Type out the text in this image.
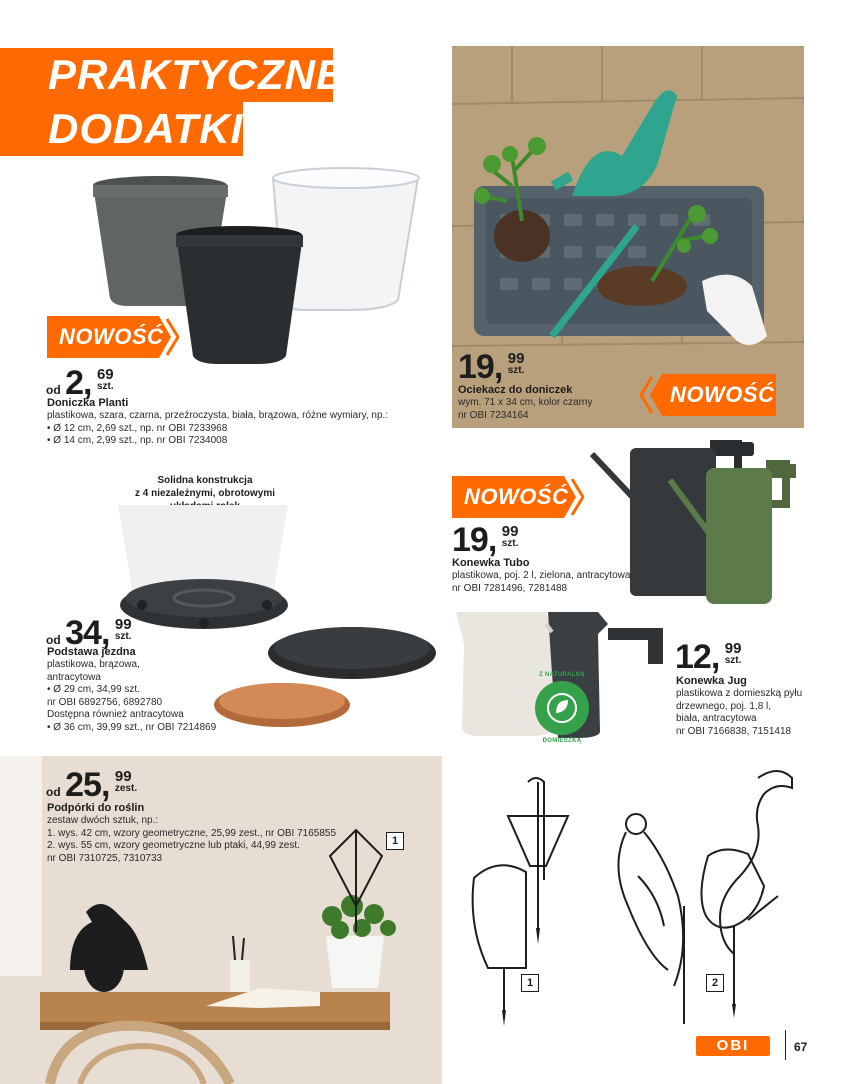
PRAKTYCZNE
DODATKI
NOWOŚĆ
od 2, 69
szt.
Doniczka Planti
plastikowa, szara, czarna, przeźroczysta, biała, brązowa, różne wymiary, np.:
• Ø 12 cm, 2,69 szt., np. nr OBI 7233968
• Ø 14 cm, 2,99 szt., np. nr OBI 7234008
19, 99
szt.
Ociekacz do doniczek
wym. 71 x 34 cm, kolor czarny
nr OBI 7234164
NOWOŚĆ
Solidna konstrukcja
z 4 niezależnymi, obrotowymi
od 34, 99
szt.
Podstawa jezdna
plastikowa, brązowa,
antracytowa
• Ø 29 cm, 34,99 szt.
nr OBI 6892756, 6892780
Dostępna również antracytowa
• Ø 36 cm, 39,99 szt., nr OBI 7214869
NOWOŚĆ
19, 99
szt.
Konewka Tubo
plastikowa, poj. 2 l, zielona, antracytowa
nr OBI 7281496, 7281488
Z NATURALNĄ
DOMIESZKĄ
12, 99
szt.
Konewka Jug
plastikowa z domieszką pyłu
drzewnego, poj. 1,8 l,
biała, antracytowa
nr OBI 7166838, 7151418
od 25, 99
zest.
Podpórki do roślin
zestaw dwóch sztuk, np.:
1. wys. 42 cm, wzory geometryczne, 25,99 zest., nr OBI 7165855
2. wys. 55 cm, wzory geometryczne lub ptaki, 44,99 zest.
nr OBI 7310725, 7310733
1
1	2
OBI	67
